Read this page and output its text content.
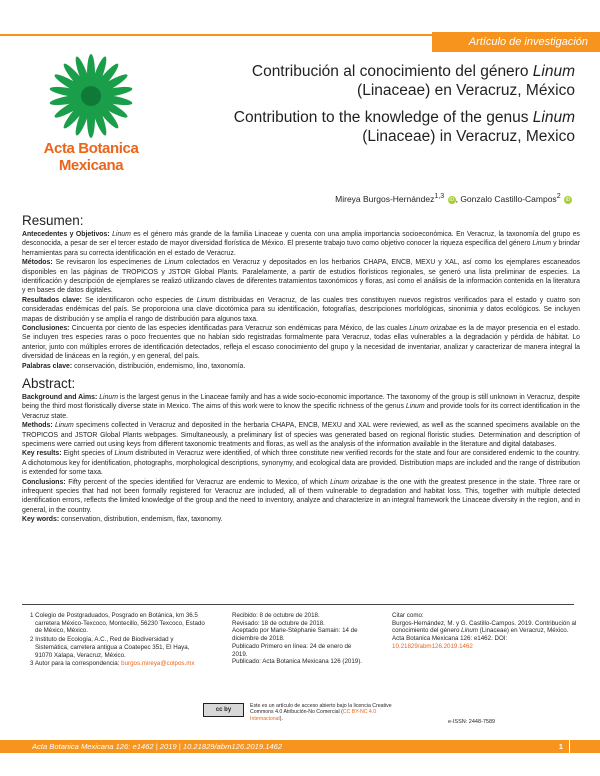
Artículo de investigación
Acta Botanica
Mexicana
Contribución al conocimiento del género Linum
(Linaceae) en Veracruz, México
Contribution to the knowledge of the genus Linum
(Linaceae) in Veracruz, Mexico
Mireya Burgos-Hernández$^{1,3}$ iD , Gonzalo Castillo-Campos$^2$ iD
Resumen:

Antecedentes y Objetivos: Linum es el género más grande de la familia Linaceae y cuenta con una amplia importancia socioeconómica. En Veracruz, la taxonomía del grupo es desconocida, a pesar de ser el tercer estado de mayor diversidad florística de México. El presente trabajo tuvo como objetivo conocer la riqueza específica del género Linum y brindar herramientas para su correcta identificación en el estado de Veracruz.

Métodos: Se revisaron los especímenes de Linum colectados en Veracruz y depositados en los herbarios CHAPA, ENCB, MEXU y XAL, así como los ejemplares escaneados disponibles en las páginas de TROPICOS y JSTOR Global Plants. Paralelamente, a partir de estudios florísticos regionales, se generó una lista preliminar de especies. La identificación y descripción de ejemplares se realizó utilizando claves de diferentes tratamientos taxonómicos y floras, así como el análisis de la información contenida en la literatura y en bases de datos digitales.

Resultados clave: Se identificaron ocho especies de Linum distribuidas en Veracruz, de las cuales tres constituyen nuevos registros verificados para el estado y cuatro son consideradas endémicas del país. Se proporciona una clave dicotómica para su identificación, fotografías, descripciones morfológicas, sinonimia y datos ecológicos. Se incluyen mapas de distribución y se amplía el rango de distribución para algunos taxa.

Conclusiones: Cincuenta por ciento de las especies identificadas para Veracruz son endémicas para México, de las cuales Linum orizabae es la de mayor presencia en el estado. Se incluyen tres especies raras o poco frecuentes que no habían sido registradas formalmente para Veracruz, todas ellas vulnerables a la degradación y pérdida de hábitat. Lo anterior, junto con múltiples errores de identificación detectados, refleja el escaso conocimiento del grupo y la necesidad de inventariar, analizar y caracterizar de manera integral la diversidad de lináceas en la región, y en general, del país.

Palabras clave: conservación, distribución, endemismo, lino, taxonomía.

Abstract:

Background and Aims: Linum is the largest genus in the Linaceae family and has a wide socio-economic importance. The taxonomy of the group is still unknown in Veracruz, despite being the third most floristically diverse state in Mexico. The aims of this work were to know the specific richness of the genus Linum and provide tools for its correct identification in the Veracruz state.

Methods: Linum specimens collected in Veracruz and deposited in the herbaria CHAPA, ENCB, MEXU and XAL were reviewed, as well as the scanned specimens available on the TROPICOS and JSTOR Global Plants webpages. Simultaneously, a preliminary list of species was generated based on regional floristic studies. Determination and description of specimens were carried out using keys from different taxonomic treatments and floras, as well as the analysis of the information available in the literature and digital databases.

Key results: Eight species of Linum distributed in Veracruz were identified, of which three constitute new verified records for the state and four are considered endemic to the country. A dichotomous key for identification, photographs, morphological descriptions, synonymy, and ecological data are provided. Distribution maps are included and the range of distribution is extended for some taxa.

Conclusions: Fifty percent of the species identified for Veracruz are endemic to Mexico, of which Linum orizabae is the one with the greatest presence in the state. Three rare or infrequent species that had not been formally registered for Veracruz are included, all of them vulnerable to degradation and habitat loss. This, together with multiple detected identification errors, reflects the limited knowledge of the group and the need to inventory, analyze and characterize in an integral framework the Linaceae diversity in the region, and in general, in the country.

Key words: conservation, distribution, endemism, flax, taxonomy.

1 Colegio de Postgraduados, Posgrado en Botánica, km 36.5 carretera México-Texcoco, Montecillo, 56230 Texcoco, Estado de México, México.

2 Instituto de Ecología, A.C., Red de Biodiversidad y Sistemática, carretera antigua a Coatepec 351, El Haya, 91070 Xalapa, Veracruz, México.

3 Autor para la correspondencia: burgos.mireya@colpos.mx

Recibido: 8 de octubre de 2018.
Revisado: 18 de octubre de 2018.
Aceptado por Marie-Stéphanie Samain: 14 de diciembre de 2018.
Publicado Primero en línea: 24 de enero de 2019.
Publicado: Acta Botanica Mexicana 126 (2019).
Citar como:
Burgos-Hernández, M. y G. Castillo-Campos. 2019. Contribución al conocimiento del género Linum (Linaceae) en Veracruz, México. Acta Botanica Mexicana 126: e1462. DOI: 10.21829/abm126.2019.1462
cc by
Este es un artículo de acceso abierto bajo la licencia Creative Commons 4.0 Atribución-No Comercial (CC BY-NC 4.0 Internacional).
e-ISSN: 2448-7589
Acta Botanica Mexicana 126: e1462 | 2019 | 10.21829/abm126.2019.1462	1
